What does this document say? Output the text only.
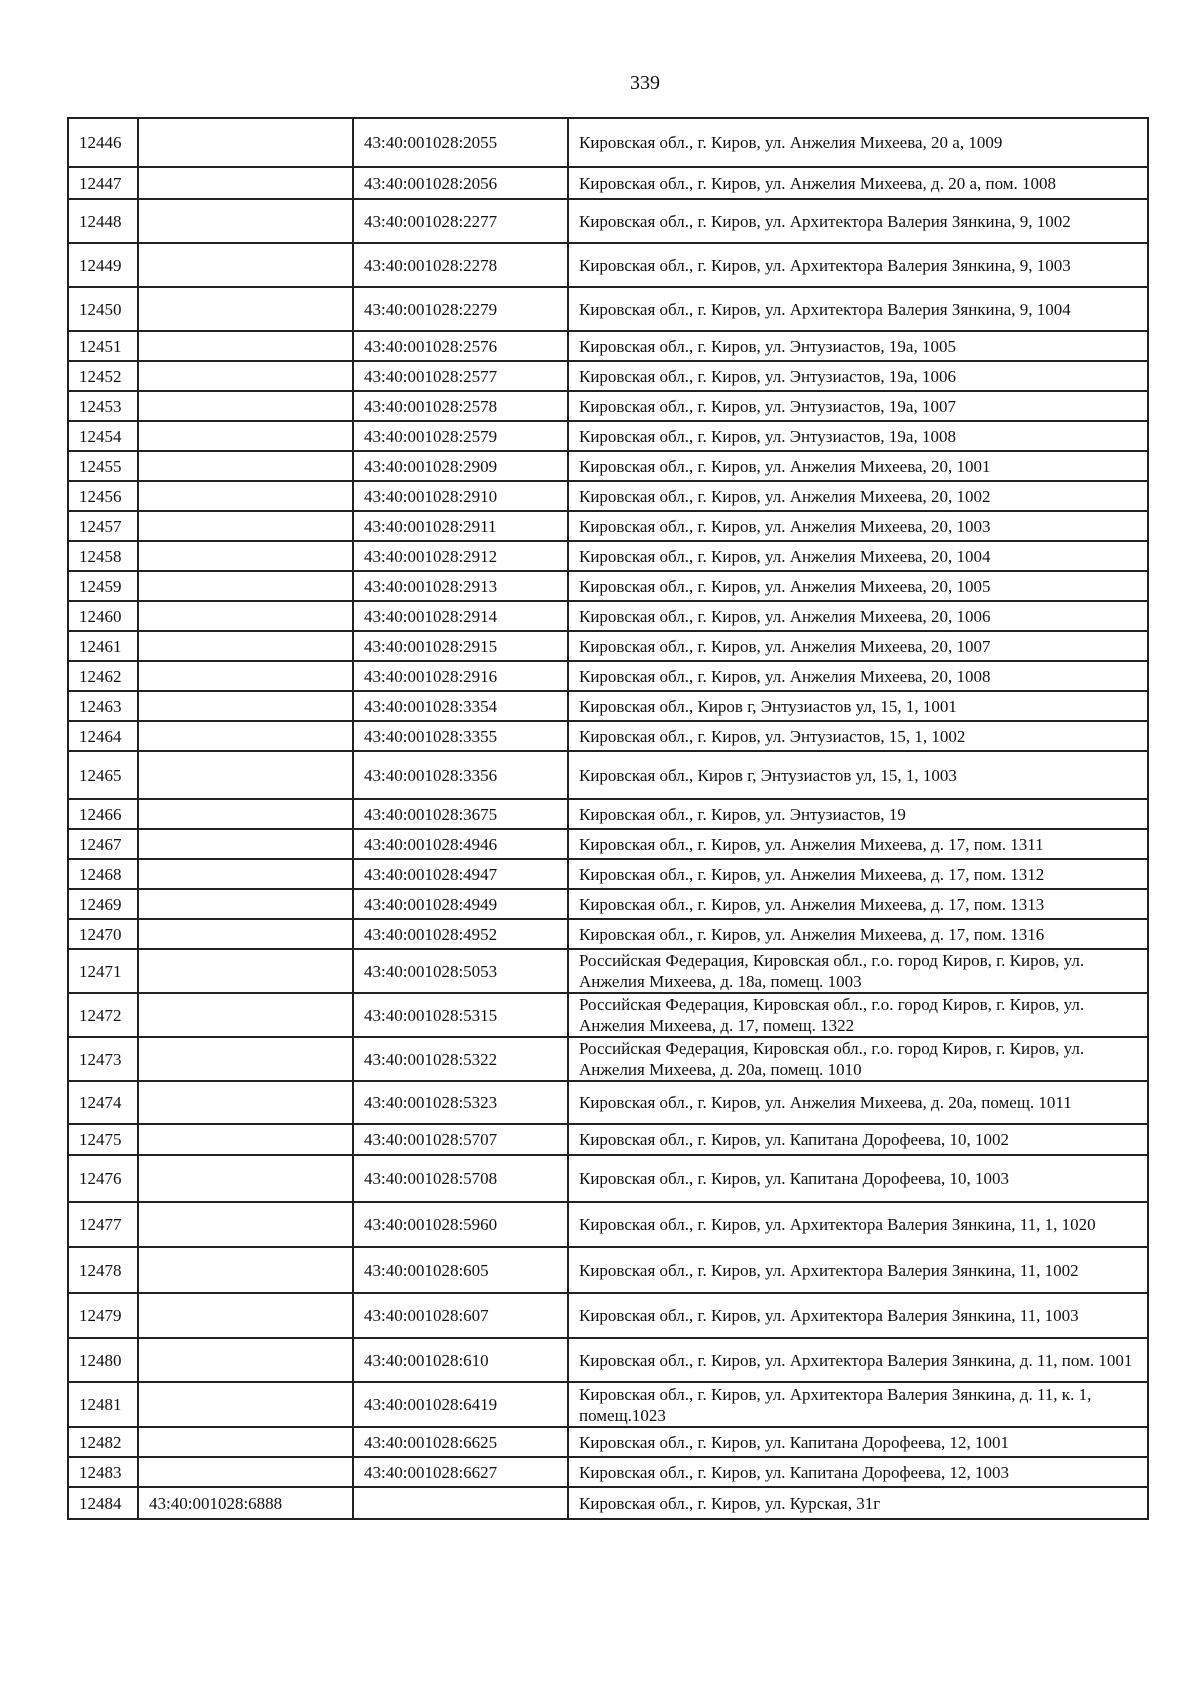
339
12446		43:40:001028:2055	Кировская обл., г. Киров, ул. Анжелия Михеева, 20 а, 1009
12447		43:40:001028:2056	Кировская обл., г. Киров, ул. Анжелия Михеева, д. 20 а, пом. 1008
12448		43:40:001028:2277	Кировская обл., г. Киров, ул. Архитектора Валерия Зянкина, 9, 1002
12449		43:40:001028:2278	Кировская обл., г. Киров, ул. Архитектора Валерия Зянкина, 9, 1003
12450		43:40:001028:2279	Кировская обл., г. Киров, ул. Архитектора Валерия Зянкина, 9, 1004
12451		43:40:001028:2576	Кировская обл., г. Киров, ул. Энтузиастов, 19а, 1005
12452		43:40:001028:2577	Кировская обл., г. Киров, ул. Энтузиастов, 19а, 1006
12453		43:40:001028:2578	Кировская обл., г. Киров, ул. Энтузиастов, 19а, 1007
12454		43:40:001028:2579	Кировская обл., г. Киров, ул. Энтузиастов, 19а, 1008
12455		43:40:001028:2909	Кировская обл., г. Киров, ул. Анжелия Михеева, 20, 1001
12456		43:40:001028:2910	Кировская обл., г. Киров, ул. Анжелия Михеева, 20, 1002
12457		43:40:001028:2911	Кировская обл., г. Киров, ул. Анжелия Михеева, 20, 1003
12458		43:40:001028:2912	Кировская обл., г. Киров, ул. Анжелия Михеева, 20, 1004
12459		43:40:001028:2913	Кировская обл., г. Киров, ул. Анжелия Михеева, 20, 1005
12460		43:40:001028:2914	Кировская обл., г. Киров, ул. Анжелия Михеева, 20, 1006
12461		43:40:001028:2915	Кировская обл., г. Киров, ул. Анжелия Михеева, 20, 1007
12462		43:40:001028:2916	Кировская обл., г. Киров, ул. Анжелия Михеева, 20, 1008
12463		43:40:001028:3354	Кировская обл., Киров г, Энтузиастов ул, 15, 1, 1001
12464		43:40:001028:3355	Кировская обл., г. Киров, ул. Энтузиастов, 15, 1, 1002
12465		43:40:001028:3356	Кировская обл., Киров г, Энтузиастов ул, 15, 1, 1003
12466		43:40:001028:3675	Кировская обл., г. Киров, ул. Энтузиастов, 19
12467		43:40:001028:4946	Кировская обл., г. Киров, ул. Анжелия Михеева, д. 17, пом. 1311
12468		43:40:001028:4947	Кировская обл., г. Киров, ул. Анжелия Михеева, д. 17, пом. 1312
12469		43:40:001028:4949	Кировская обл., г. Киров, ул. Анжелия Михеева, д. 17, пом. 1313
12470		43:40:001028:4952	Кировская обл., г. Киров, ул. Анжелия Михеева, д. 17, пом. 1316
12471		43:40:001028:5053	Российская Федерация, Кировская обл., г.о. город Киров, г. Киров, ул. Анжелия Михеева, д. 18а, помещ. 1003
12472		43:40:001028:5315	Российская Федерация, Кировская обл., г.о. город Киров, г. Киров, ул. Анжелия Михеева, д. 17, помещ. 1322
12473		43:40:001028:5322	Российская Федерация, Кировская обл., г.о. город Киров, г. Киров, ул. Анжелия Михеева, д. 20а, помещ. 1010
12474		43:40:001028:5323	Кировская обл., г. Киров, ул. Анжелия Михеева, д. 20а, помещ. 1011
12475		43:40:001028:5707	Кировская обл., г. Киров, ул. Капитана Дорофеева, 10, 1002
12476		43:40:001028:5708	Кировская обл., г. Киров, ул. Капитана Дорофеева, 10, 1003
12477		43:40:001028:5960	Кировская обл., г. Киров, ул. Архитектора Валерия Зянкина, 11, 1, 1020
12478		43:40:001028:605	Кировская обл., г. Киров, ул. Архитектора Валерия Зянкина, 11, 1002
12479		43:40:001028:607	Кировская обл., г. Киров, ул. Архитектора Валерия Зянкина, 11, 1003
12480		43:40:001028:610	Кировская обл., г. Киров, ул. Архитектора Валерия Зянкина, д. 11, пом. 1001
12481		43:40:001028:6419	Кировская обл., г. Киров, ул. Архитектора Валерия Зянкина, д. 11, к. 1, помещ.1023
12482		43:40:001028:6625	Кировская обл., г. Киров, ул. Капитана Дорофеева, 12, 1001
12483		43:40:001028:6627	Кировская обл., г. Киров, ул. Капитана Дорофеева, 12, 1003
12484	43:40:001028:6888		Кировская обл., г. Киров, ул. Курская, 31г
